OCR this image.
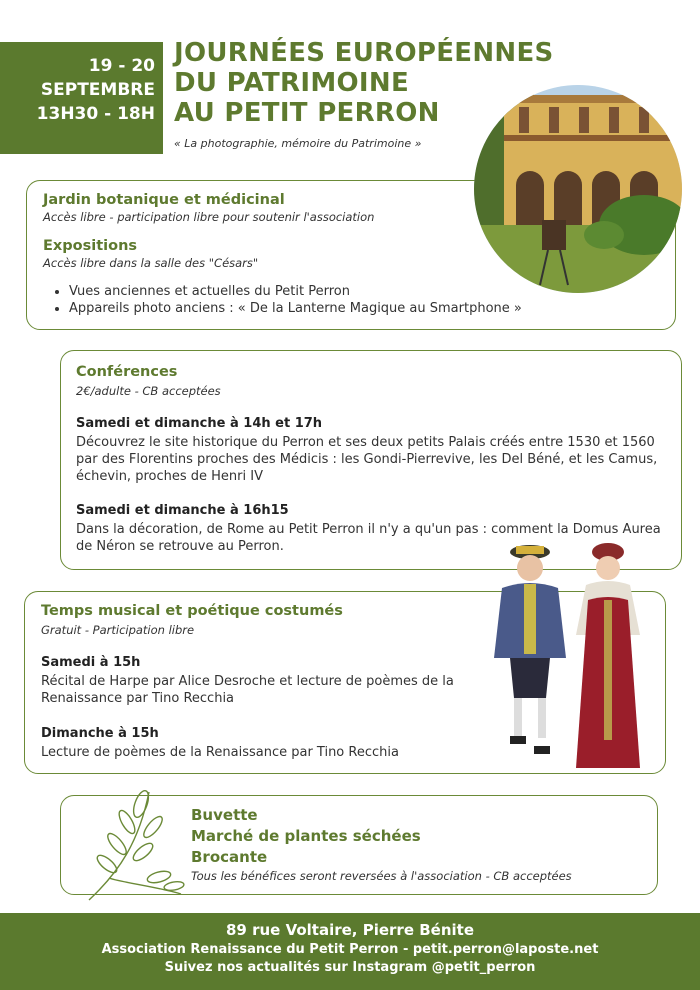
19 - 20
SEPTEMBRE
13H30 - 18H
JOURNÉES EUROPÉENNES
DU PATRIMOINE
AU PETIT PERRON
« La photographie, mémoire du Patrimoine »
Jardin botanique et médicinal
Accès libre - participation libre pour soutenir l'association
Expositions
Accès libre dans la salle des "Césars"
• Vues anciennes et actuelles du Petit Perron
• Appareils photo anciens : « De la Lanterne Magique au Smartphone »
Conférences
2€/adulte - CB acceptées
Samedi et dimanche à 14h et 17h
Découvrez le site historique du Perron et ses deux petits Palais créés entre 1530 et 1560 par des Florentins proches des Médicis : les Gondi-Pierrevive, les Del Béné, et les Camus, échevin, proches de Henri IV
Samedi et dimanche à 16h15
Dans la décoration, de Rome au Petit Perron il n'y a qu'un pas : comment la Domus Aurea de Néron se retrouve au Perron.
Temps musical et poétique costumés
Gratuit - Participation libre
Samedi à 15h
Récital de Harpe par Alice Desroche et lecture de poèmes de la Renaissance par Tino Recchia
Dimanche à 15h
Lecture de poèmes de la Renaissance par Tino Recchia
Buvette
Marché de plantes séchées
Brocante
Tous les bénéfices seront reversées à l'association - CB acceptées
89 rue Voltaire, Pierre Bénite
Association Renaissance du Petit Perron - petit.perron@laposte.net
Suivez nos actualités sur Instagram @petit_perron
